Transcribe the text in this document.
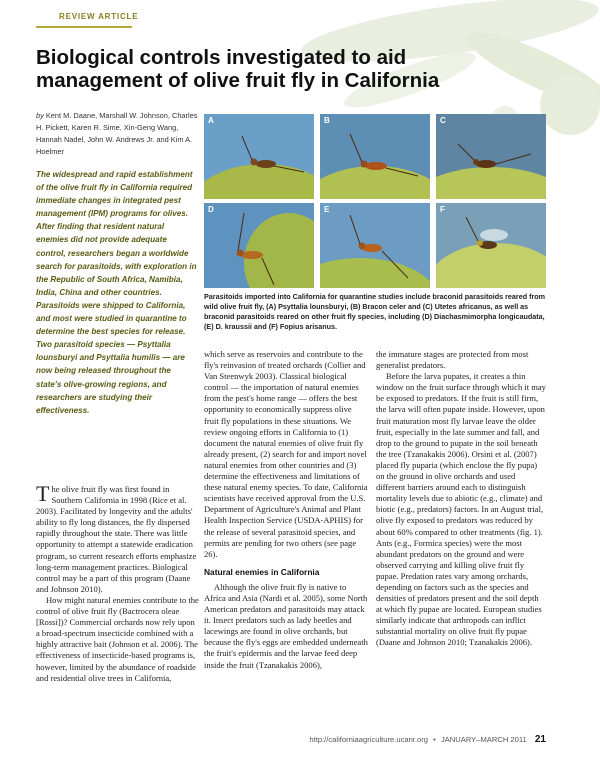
REVIEW ARTICLE
Biological controls investigated to aid management of olive fruit fly in California
by Kent M. Daane, Marshall W. Johnson, Charles H. Pickett, Karen R. Sime, Xin-Geng Wang, Hannah Nadel, John W. Andrews Jr. and Kim A. Hoelmer
The widespread and rapid establishment of the olive fruit fly in California required immediate changes in integrated pest management (IPM) programs for olives. After finding that resident natural enemies did not provide adequate control, researchers began a worldwide search for parasitoids, with exploration in the Republic of South Africa, Namibia, India, China and other countries. Parasitoids were shipped to California, and most were studied in quarantine to determine the best species for release. Two parasitoid species — Psyttalia lounsburyi and Psyttalia humilis — are now being released throughout the state's olive-growing regions, and researchers are studying their effectiveness.
A	B	C
D	E	F
Parasitoids imported into California for quarantine studies include braconid parasitoids reared from wild olive fruit fly, (A) Psyttalia lounsburyi, (B) Bracon celer and (C) Utetes africanus, as well as braconid parasitoids reared on other fruit fly species, including (D) Diachasmimorpha longicaudata, (E) D. kraussii and (F) Fopius arisanus.

The olive fruit fly was first found in Southern California in 1998 (Rice et al. 2003). Facilitated by longevity and the adults' ability to fly long distances, the fly dispersed rapidly throughout the state. There was little opportunity to attempt a statewide eradication program, so current research efforts emphasize long-term management practices. Biological control may be a part of this program (Daane and Johnson 2010).

How might natural enemies contribute to the control of olive fruit fly (Bactrocera oleae [Rossi])? Commercial orchards now rely upon a broad-spectrum insecticide combined with a highly attractive bait (Johnson et al. 2006). The effectiveness of insecticide-based programs is, however, limited by the abundance of roadside and residential olive trees in California,

which serve as reservoirs and contribute to the fly's reinvasion of treated orchards (Collier and Van Steenwyk 2003). Classical biological control — the importation of natural enemies from the pest's home range — offers the best opportunity to economically suppress olive fruit fly populations in these situations. We review ongoing efforts in California to (1) document the natural enemies of olive fruit fly already present, (2) search for and import novel natural enemies from other countries and (3) determine the effectiveness and limitations of these natural enemy species. To date, California scientists have received approval from the U.S. Department of Agriculture's Animal and Plant Health Inspection Service (USDA-APHIS) for the release of several parasitoid species, and permits are pending for two others (see page 26).

Natural enemies in California

Although the olive fruit fly is native to Africa and Asia (Nardi et al. 2005), some North American predators and parasitoids may attack it. Insect predators such as lady beetles and lacewings are found in olive orchards, but because the fly's eggs are embedded underneath the fruit's epidermis and the larvae feed deep inside the fruit (Tzanakakis 2006),

the immature stages are protected from most generalist predators.

Before the larva pupates, it creates a thin window on the fruit surface through which it may be exposed to predators. If the fruit is still firm, the larva will often pupate inside. However, upon fruit maturation most fly larvae leave the older fruit, especially in the late summer and fall, and drop to the ground to pupate in the soil beneath the tree (Tzanakakis 2006). Orsini et al. (2007) placed fly puparia (which enclose the fly pupa) on the ground in olive orchards and used different barriers around each to distinguish mortality levels due to abiotic (e.g., climate) and biotic (e.g., predators) factors. In an August trial, olive fly exposed to predators was reduced by about 60% compared to other treatments (fig. 1). Ants (e.g., Formica species) were the most abundant predators on the ground and were observed carrying and killing olive fruit fly pupae. Predation rates vary among orchards, depending on factors such as the species and densities of predators present and the soil depth at which fly pupae are located. European studies similarly indicate that arthropods can inflict substantial mortality on olive fruit fly pupae (Daane and Johnson 2010; Tzanakakis 2006).

http://californiaagriculture.ucanr.org • JANUARY–MARCH 2011 21
